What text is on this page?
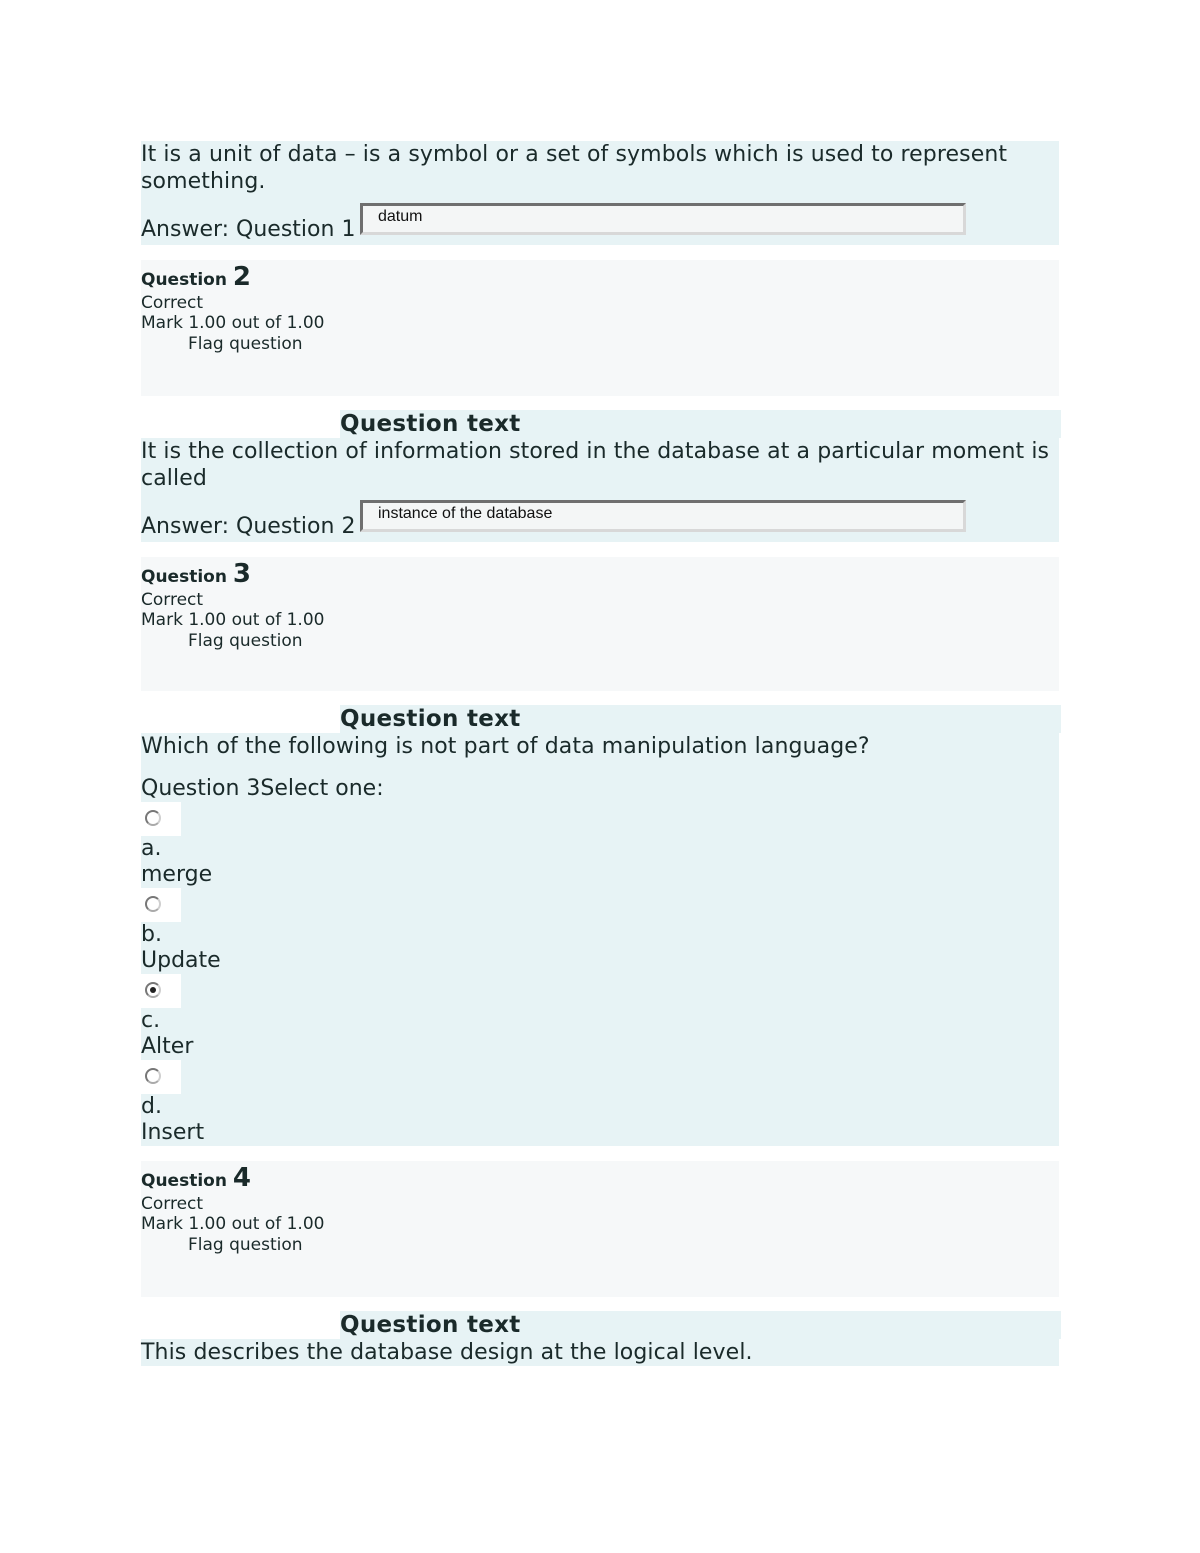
It is a unit of data – is a symbol or a set of symbols which is used to represent something.

Answer: Question 1
datum
Question 2
Correct
Mark 1.00 out of 1.00
Flag question
Question text

It is the collection of information stored in the database at a particular moment is called

Answer: Question 2
instance of the database
Question 3
Correct
Mark 1.00 out of 1.00
Flag question
Question text

Which of the following is not part of data manipulation language?

Question 3Select one:
a.
merge
b.
Update
c.
Alter
d.
Insert
Question 4
Correct
Mark 1.00 out of 1.00
Flag question
Question text

This describes the database design at the logical level.
